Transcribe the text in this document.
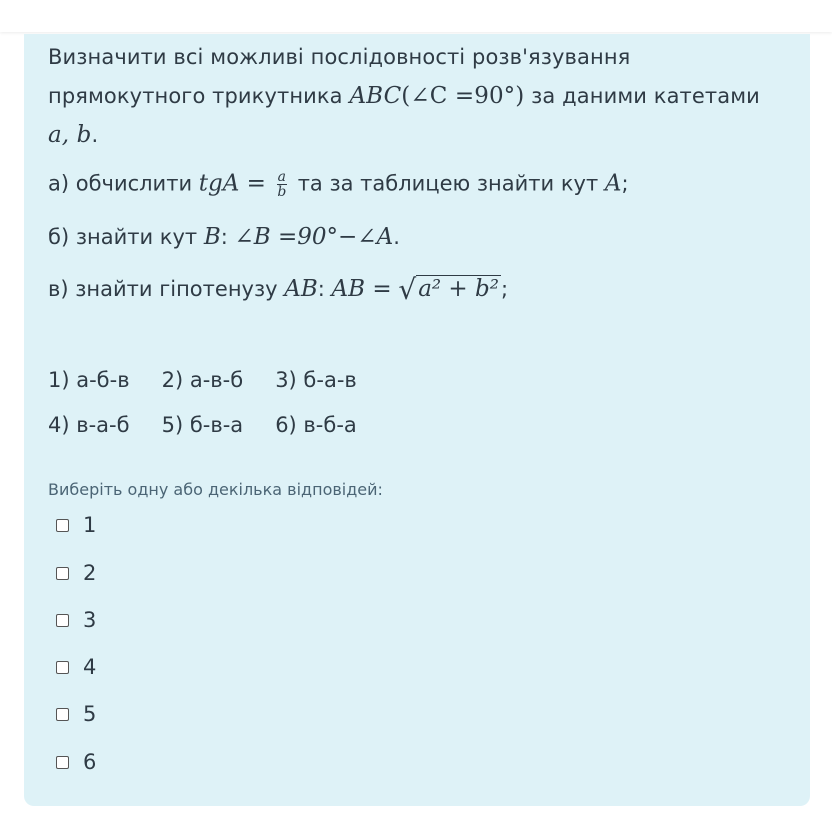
Визначити всі можливі послідовності розв'язування
прямокутного трикутника ABC(∠C =90°) за даними катетами
a, b.
а) обчислити tgA = $\frac{a}{b}$ та за таблицею знайти кут A;
б) знайти кут B: ∠B =90°−∠A.
в) знайти гіпотенузу AB: AB = √a² + b²;
1) а-б-в 2) а-в-б 3) б-а-в
4) в-а-б 5) б-в-а 6) в-б-а
Виберіть одну або декілька відповідей:
1
2
3
4
5
6
